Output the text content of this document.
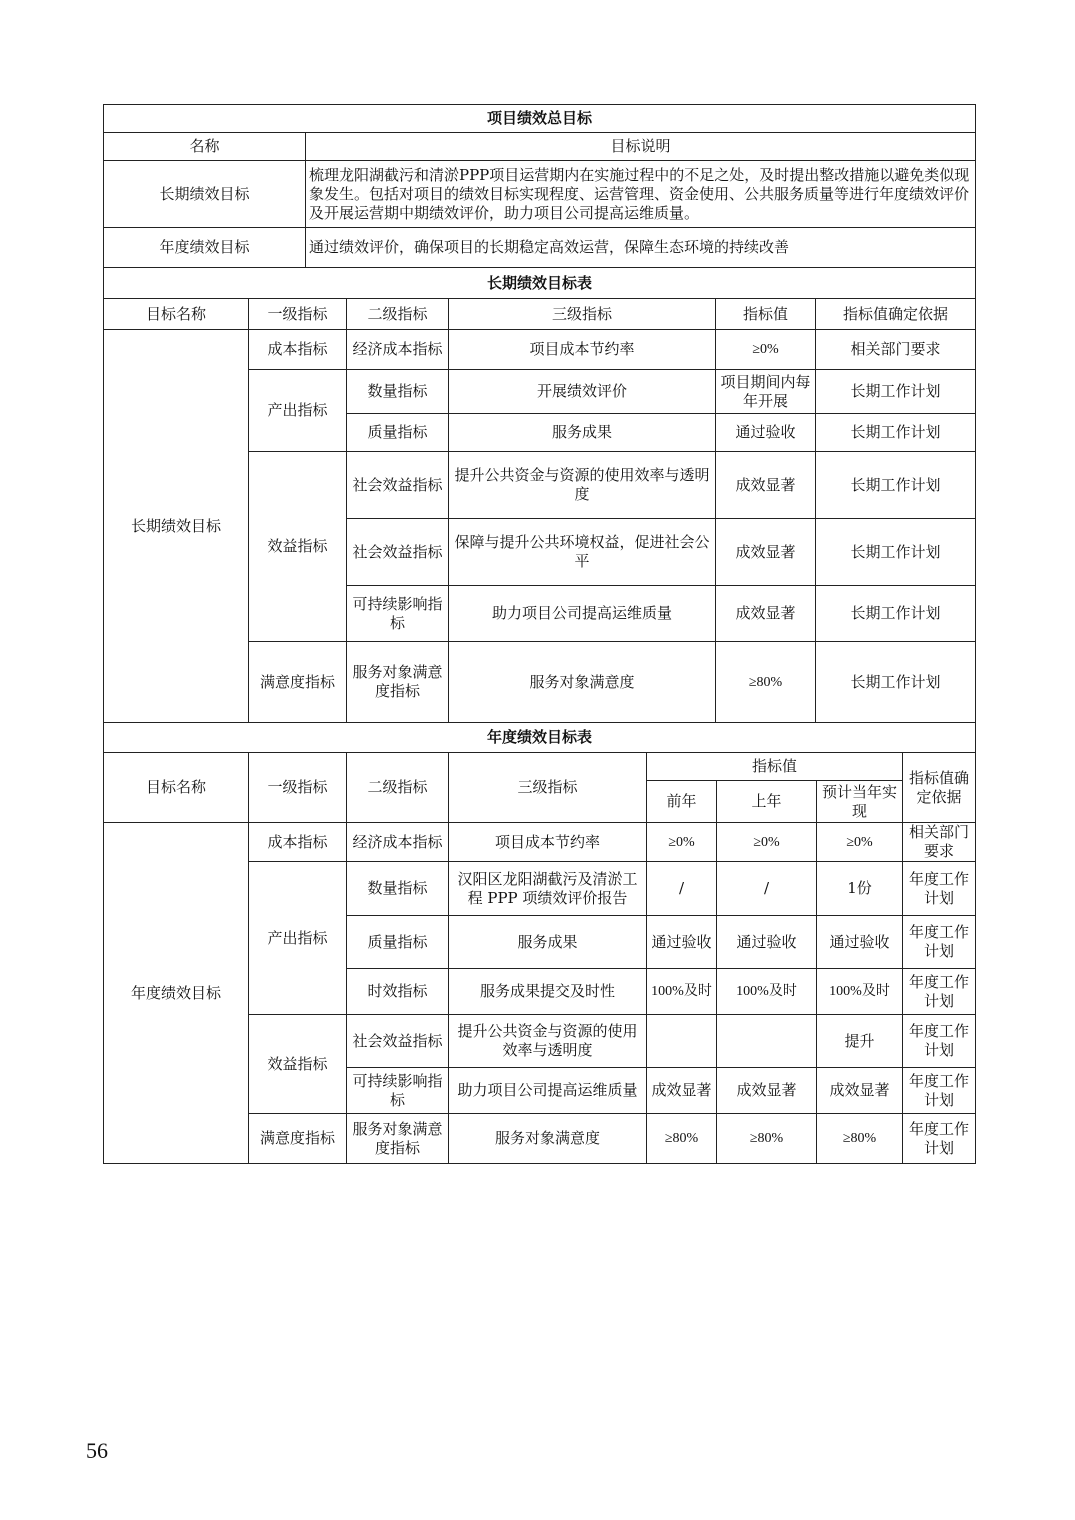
项目绩效总目标	
名称	目标说明
长期绩效目标	梳理龙阳湖截污和清淤PPP项目运营期内在实施过程中的不足之处，及时提出整改措施以避免类似现象发生。包括对项目的绩效目标实现程度、运营管理、资金使用、公共服务质量等进行年度绩效评价及开展运营期中期绩效评价，助力项目公司提高运维质量。
年度绩效目标	通过绩效评价，确保项目的长期稳定高效运营，保障生态环境的持续改善
长期绩效目标表					
目标名称	一级指标	二级指标	三级指标	指标值	指标值确定依据
长期绩效目标	成本指标	经济成本指标	项目成本节约率	≥0%	相关部门要求
	产出指标	数量指标	开展绩效评价	项目期间内每年开展	长期工作计划
		质量指标	服务成果	通过验收	长期工作计划
	效益指标	社会效益指标	提升公共资金与资源的使用效率与透明度	成效显著	长期工作计划
		社会效益指标	保障与提升公共环境权益，促进社会公平	成效显著	长期工作计划
		可持续影响指标	助力项目公司提高运维质量	成效显著	长期工作计划
	满意度指标	服务对象满意度指标	服务对象满意度	≥80%	长期工作计划
年度绩效目标表							
目标名称	一级指标	二级指标	三级指标	指标值			指标值确定依据
				前年	上年	预计当年实现	
年度绩效目标	成本指标	经济成本指标	项目成本节约率	≥0%	≥0%	≥0%	相关部门要求
	产出指标	数量指标	汉阳区龙阳湖截污及清淤工程 PPP 项绩效评价报告	/	/	1份	年度工作计划
		质量指标	服务成果	通过验收	通过验收	通过验收	年度工作计划
		时效指标	服务成果提交及时性	100%及时	100%及时	100%及时	年度工作计划
	效益指标	社会效益指标	提升公共资金与资源的使用效率与透明度			提升	年度工作计划
		可持续影响指标	助力项目公司提高运维质量	成效显著	成效显著	成效显著	年度工作计划
	满意度指标	服务对象满意度指标	服务对象满意度	≥80%	≥80%	≥80%	年度工作计划
56
